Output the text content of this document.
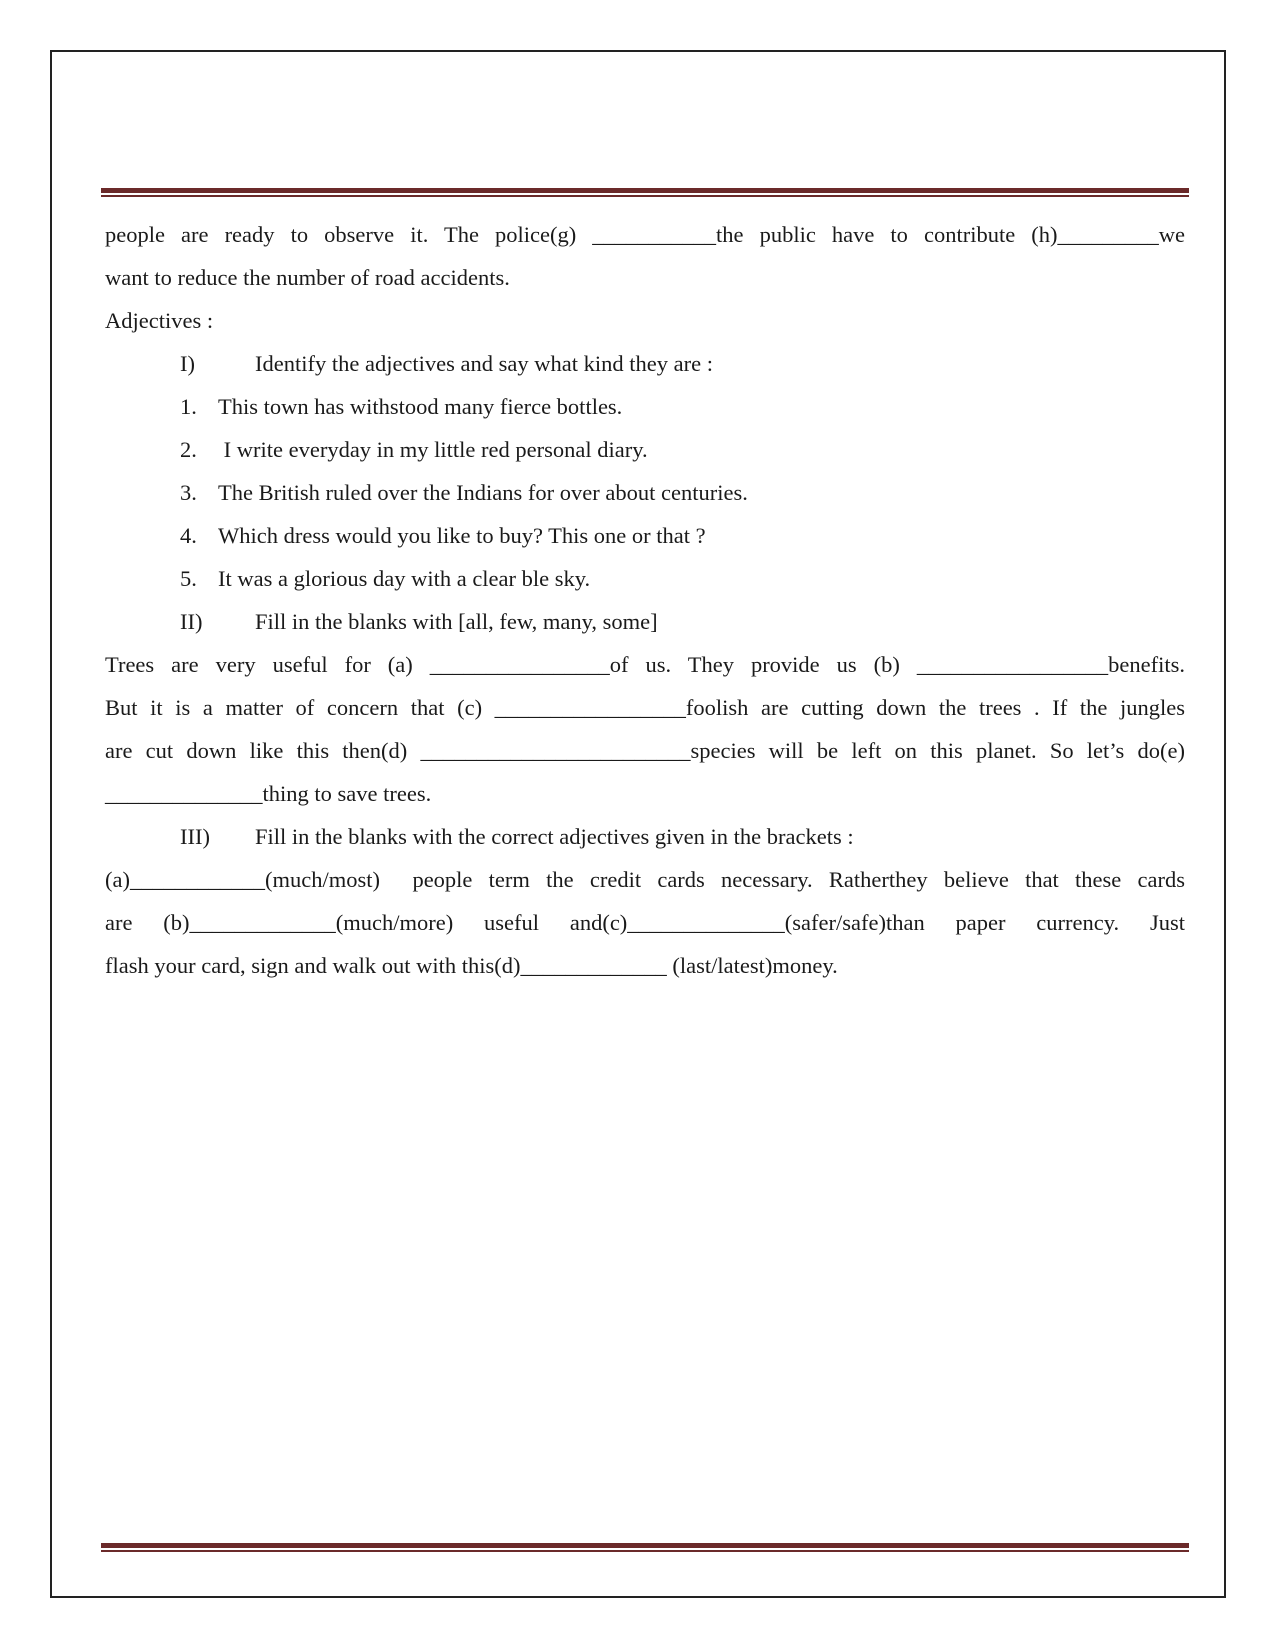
people are ready to observe it. The police(g) ___________the public have to contribute (h)_________we
want to reduce the number of road accidents.
Adjectives :
I)	Identify the adjectives and say what kind they are :
1. This town has withstood many fierce bottles.
2. I write everyday in my little red personal diary.
3. The British ruled over the Indians for over about centuries.
4. Which dress would you like to buy? This one or that ?
5. It was a glorious day with a clear ble sky.
II) Fill in the blanks with [all, few, many, some]
Trees are very useful for (a) ________________of us. They provide us (b) _________________benefits.
But it is a matter of concern that (c) _________________foolish are cutting down the trees . If the jungles
are cut down like this then(d) ________________________species will be left on this planet. So let’s do(e)
______________thing to save trees.
III) Fill in the blanks with the correct adjectives given in the brackets :
(a)____________(much/most)  people term the credit cards necessary. Ratherthey believe that these cards
are (b)_____________(much/more) useful and(c)______________(safer/safe)than paper currency. Just
flash your card, sign and walk out with this(d)_____________ (last/latest)money.
